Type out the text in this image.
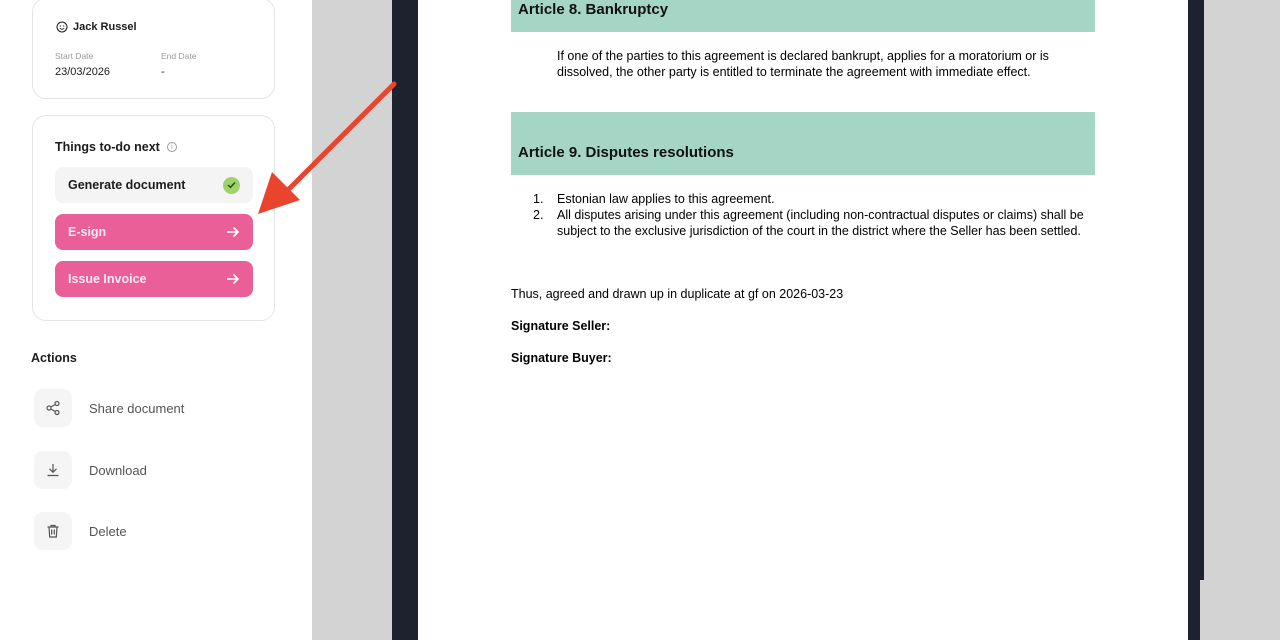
Jack Russel
Start Date
23/03/2026
End Date
-
Things to-do next	i
Generate document
E-sign
Issue Invoice
Actions
Share document
Download
Delete
Article 8. Bankruptcy
If one of the parties to this agreement is declared bankrupt, applies for a moratorium or is dissolved, the other party is entitled to terminate the agreement with immediate effect.
Article 9. Disputes resolutions
1.	Estonian law applies to this agreement.
2.	All disputes arising under this agreement (including non-contractual disputes or claims) shall be subject to the exclusive jurisdiction of the court in the district where the Seller has been settled.
Thus, agreed and drawn up in duplicate at gf on 2026-03-23
Signature Seller:
Signature Buyer:
